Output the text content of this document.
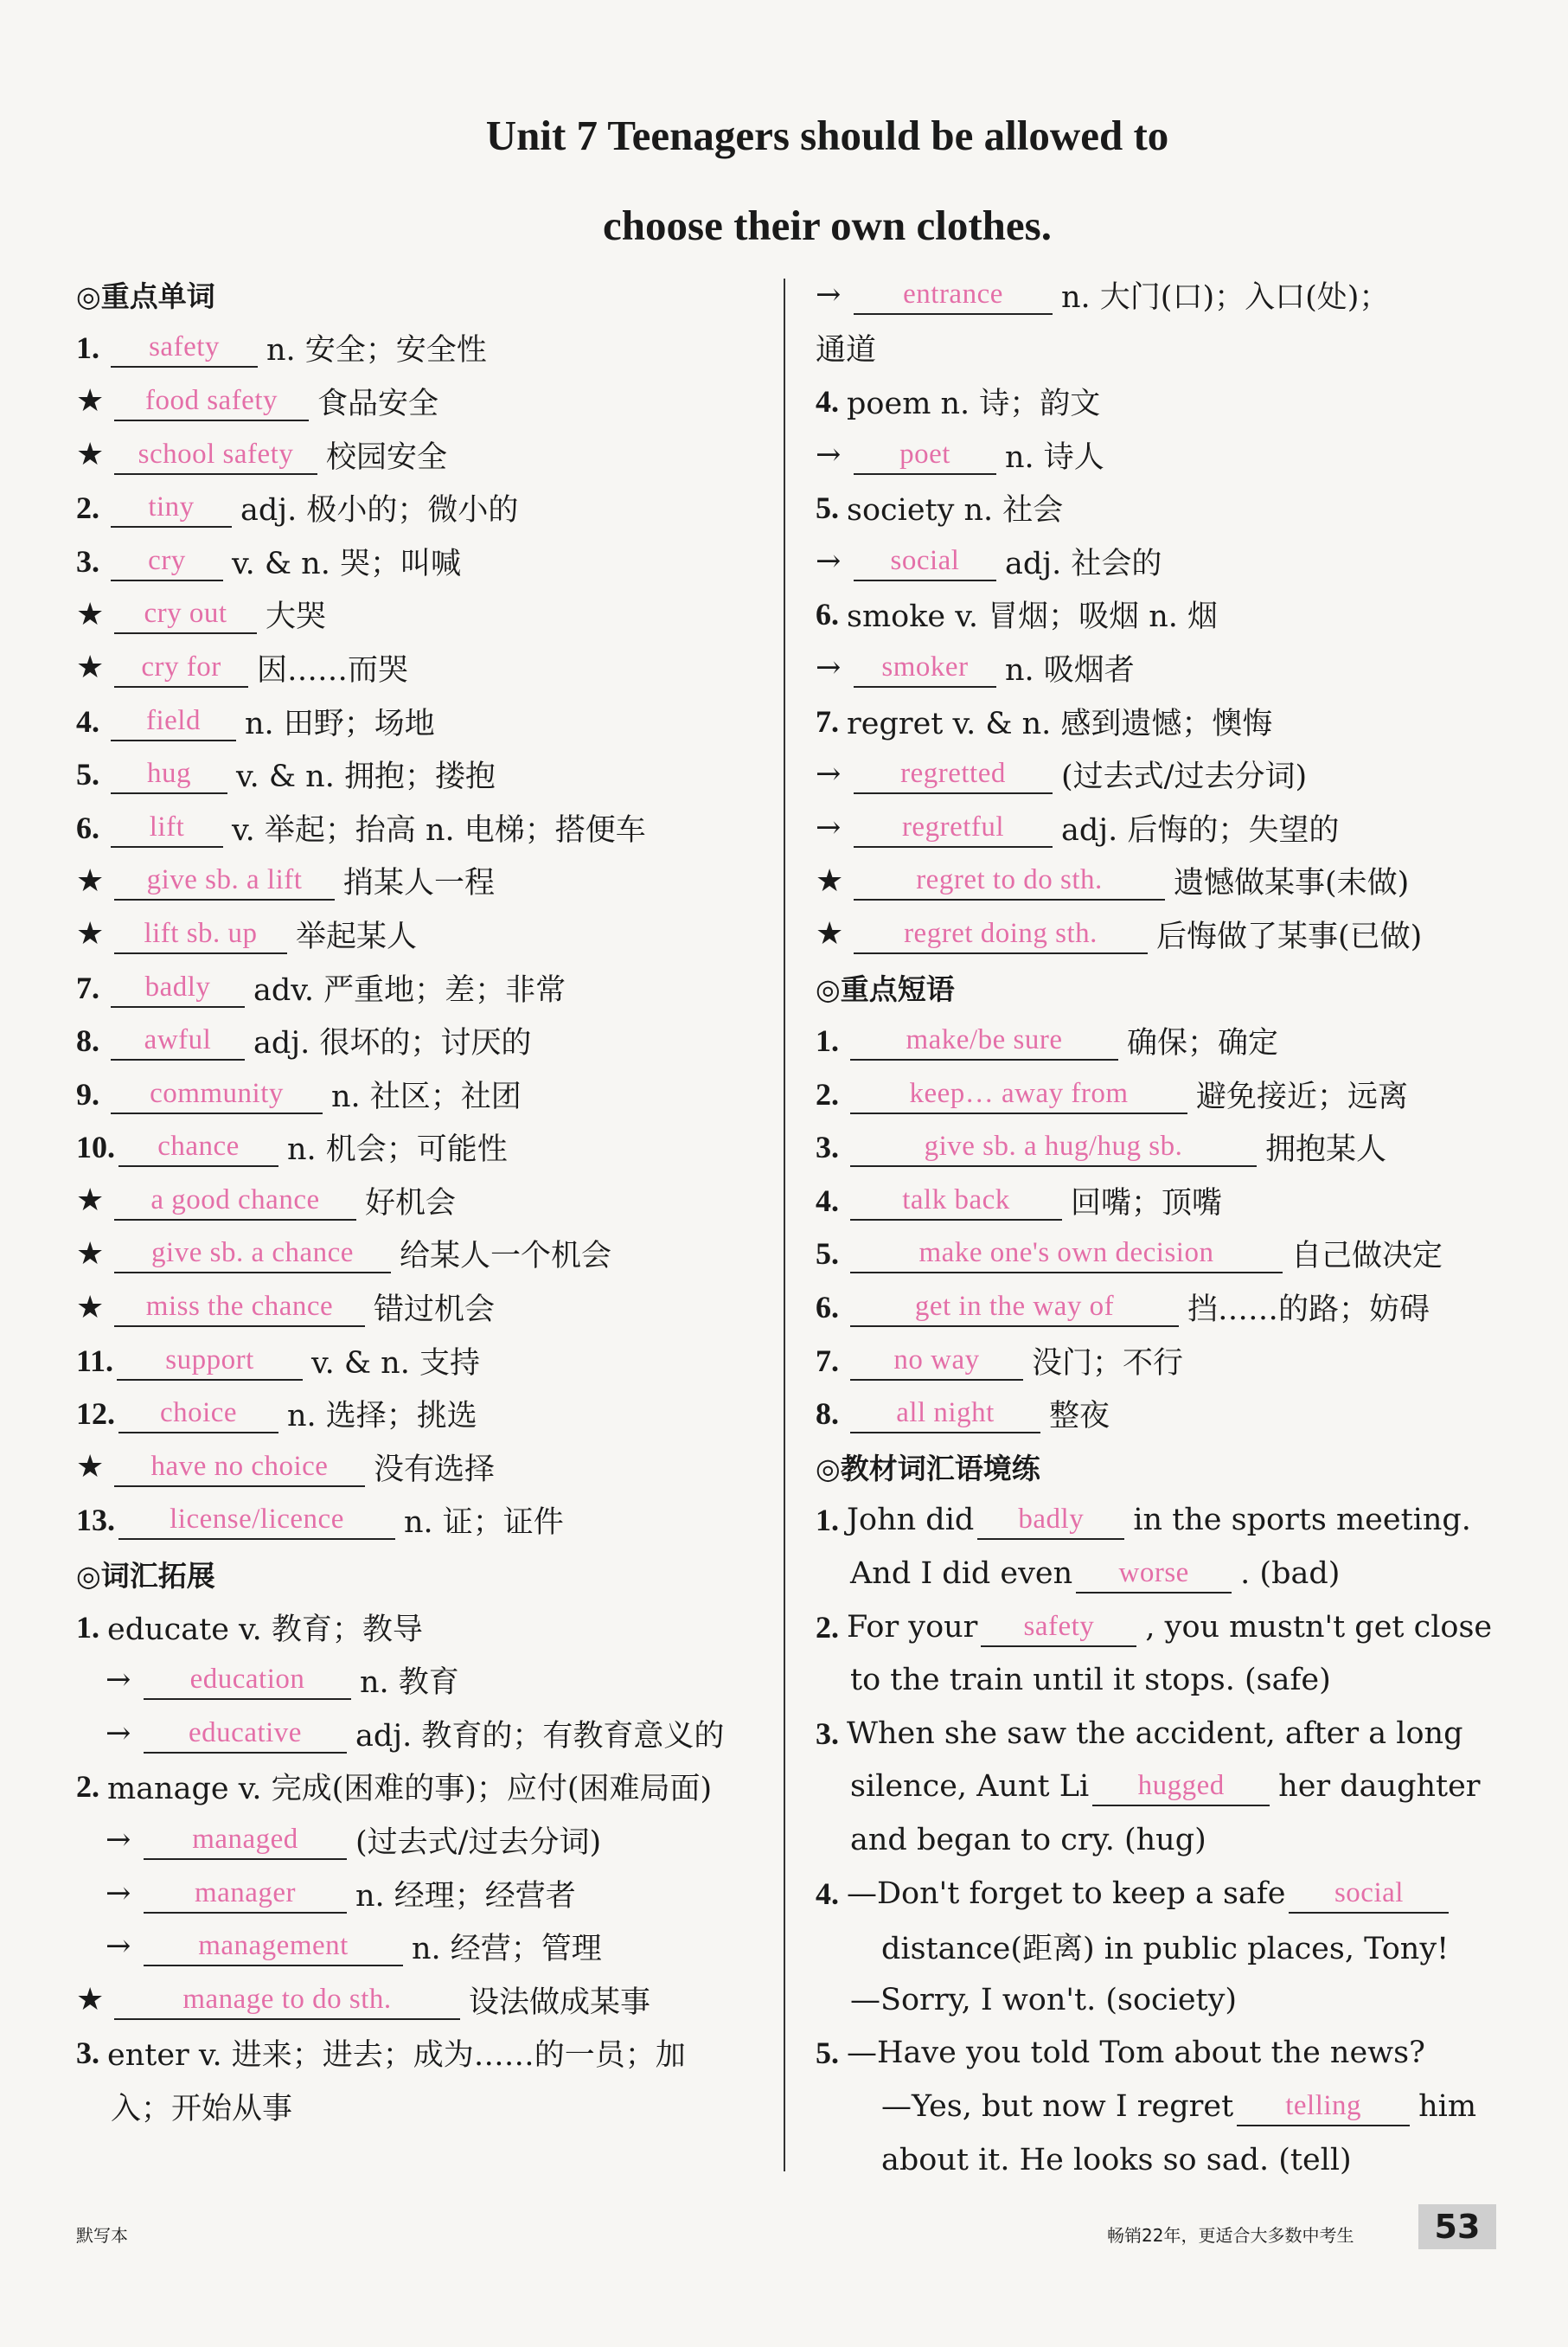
Unit 7 Teenagers should be allowed to
choose their own clothes.
◎重点单词
1.	safety	n. 安全；安全性
★	food safety	食品安全
★	school safety	校园安全
2.	tiny	adj. 极小的；微小的
3.	cry	v. & n. 哭；叫喊
★	cry out	大哭
★	cry for	因……而哭
4.	field	n. 田野；场地
5.	hug	v. & n. 拥抱；搂抱
6.	lift	v. 举起；抬高 n. 电梯；搭便车
★	give sb. a lift	捎某人一程
★	lift sb. up	举起某人
7.	badly	adv. 严重地；差；非常
8.	awful	adj. 很坏的；讨厌的
9.	community	n. 社区；社团
10.	chance	n. 机会；可能性
★	a good chance	好机会
★	give sb. a chance	给某人一个机会
★	miss the chance	错过机会
11.	support	v. & n. 支持
12.	choice	n. 选择；挑选
★	have no choice	没有选择
13.	license/licence	n. 证；证件
◎词汇拓展
1. educate v. 教育；教导
→	education	n. 教育
→	educative	adj. 教育的；有教育意义的
2. manage v. 完成(困难的事)；应付(困难局面)
→	managed	(过去式/过去分词)
→	manager	n. 经理；经营者
→	management	n. 经营；管理
★	manage to do sth.	设法做成某事
3. enter v. 进来；进去；成为……的一员；加
入；开始从事
→	entrance	n. 大门(口)；入口(处)；
通道
4. poem n. 诗；韵文
→	poet	n. 诗人
5. society n. 社会
→	social	adj. 社会的
6. smoke v. 冒烟；吸烟 n. 烟
→	smoker	n. 吸烟者
7. regret v. & n. 感到遗憾；懊悔
→	regretted	(过去式/过去分词)
→	regretful	adj. 后悔的；失望的
★	regret to do sth.	遗憾做某事(未做)
★	regret doing sth.	后悔做了某事(已做)
◎重点短语
1.	make/be sure	确保；确定
2.	keep… away from	避免接近；远离
3.	give sb. a hug/hug sb.	拥抱某人
4.	talk back	回嘴；顶嘴
5.	make one's own decision	自己做决定
6.	get in the way of	挡……的路；妨碍
7.	no way	没门；不行
8.	all night	整夜
◎教材词汇语境练
1. John did	badly	in the sports meeting.
And I did even	worse	. (bad)
2. For your	safety	, you mustn't get close
to the train until it stops. (safe)
3. When she saw the accident, after a long
silence, Aunt Li	hugged	her daughter
and began to cry. (hug)
4. —Don't forget to keep a safe	social
distance(距离) in public places, Tony!
—Sorry, I won't. (society)
5. —Have you told Tom about the news?
—Yes, but now I regret	telling	him
about it. He looks so sad. (tell)
默写本	畅销22年，更适合大多数中考生	53
